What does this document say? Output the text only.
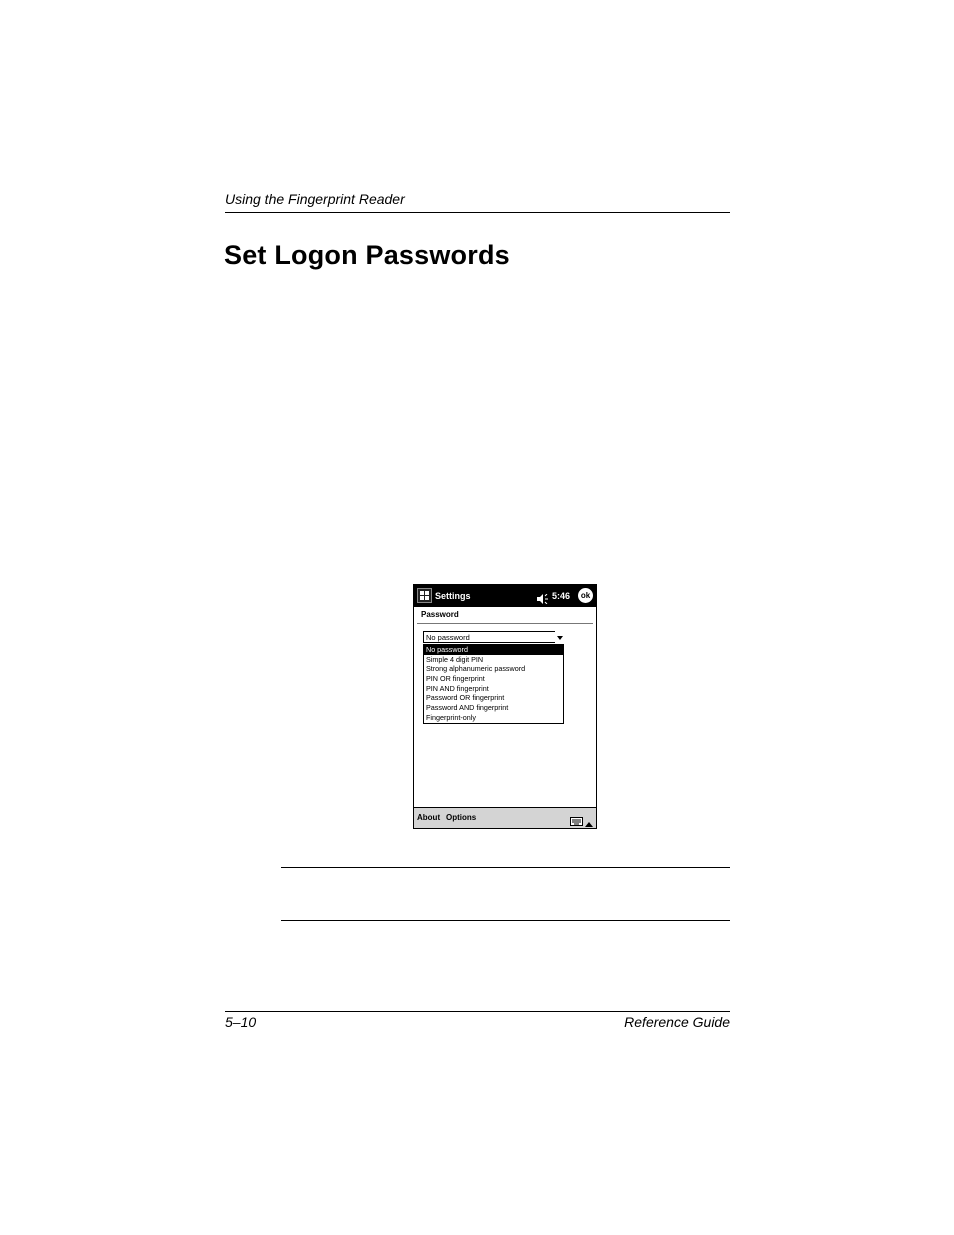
Using the Fingerprint Reader
Set Logon Passwords
Settings	5:46	ok
Password
No password
No password
Simple 4 digit PIN
Strong alphanumeric password
PIN OR fingerprint
PIN AND fingerprint
Password OR fingerprint
Password AND fingerprint
Fingerprint-only
About Options
5–10	Reference Guide
